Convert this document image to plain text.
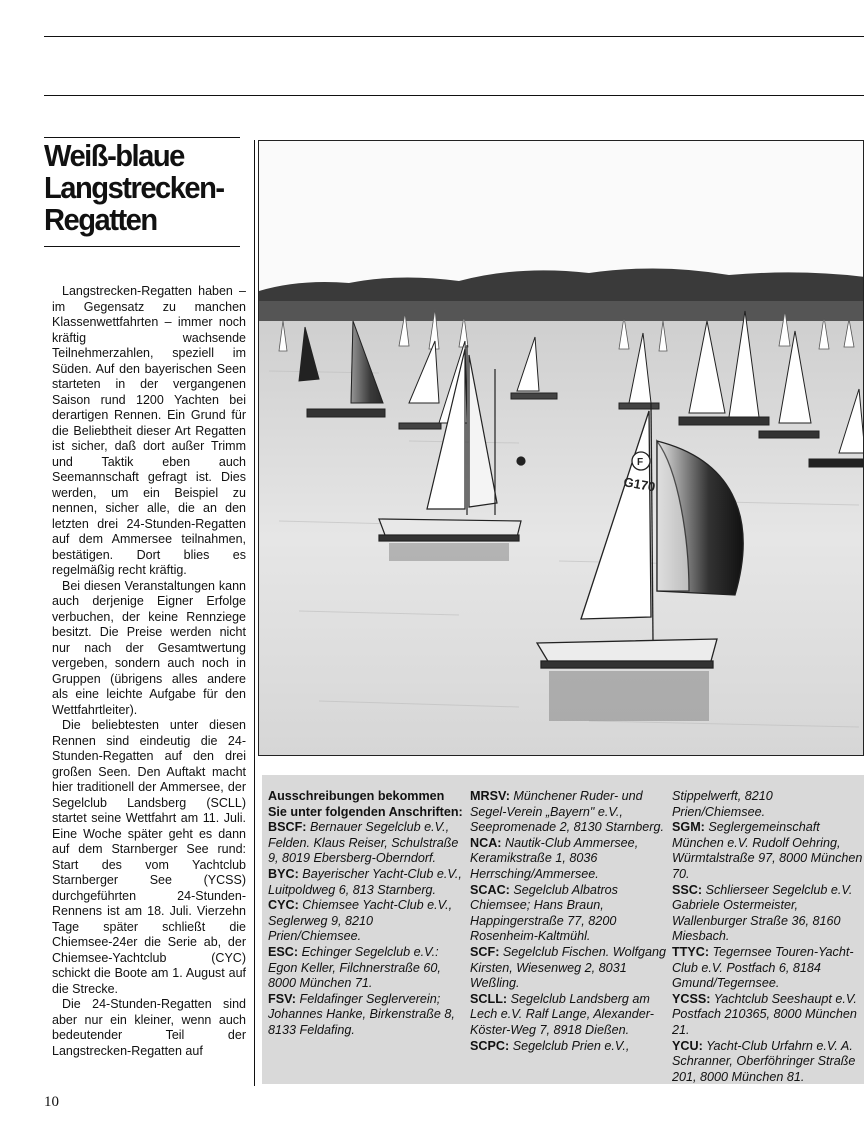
Weiß-blaue
Langstrecken-
Regatten

Langstrecken-Regatten haben – im Gegensatz zu manchen Klassenwettfahrten – immer noch kräftig wachsende Teilnehmerzahlen, speziell im Süden. Auf den bayerischen Seen starteten in der vergangenen Saison rund 1200 Yachten bei derartigen Rennen. Ein Grund für die Beliebtheit dieser Art Regatten ist sicher, daß dort außer Trimm und Taktik eben auch Seemannschaft gefragt ist. Dies werden, um ein Beispiel zu nennen, sicher alle, die an den letzten drei 24-Stunden-Regatten auf dem Ammersee teilnahmen, bestätigen. Dort blies es regelmäßig recht kräftig.

Bei diesen Veranstaltungen kann auch derjenige Eigner Erfolge verbuchen, der keine Rennziege besitzt. Die Preise werden nicht nur nach der Gesamtwertung vergeben, sondern auch noch in Gruppen (übrigens alles andere als eine leichte Aufgabe für den Wettfahrtleiter).

Die beliebtesten unter diesen Rennen sind eindeutig die 24-Stunden-Regatten auf den drei großen Seen. Den Auftakt macht hier traditionell der Ammersee, der Segelclub Landsberg (SCLL) startet seine Wettfahrt am 11. Juli. Eine Woche später geht es dann auf dem Starnberger See rund: Start des vom Yachtclub Starnberger See (YCSS) durchgeführten 24-Stunden-Rennens ist am 18. Juli. Vierzehn Tage später schließt die Chiemsee-24er die Serie ab, der Chiemsee-Yachtclub (CYC) schickt die Boote am 1. August auf die Strecke.

Die 24-Stunden-Regatten sind aber nur ein kleiner, wenn auch bedeutender Teil der Langstrecken-Regatten auf

F
G170
Ausschreibungen bekommen Sie unter folgenden Anschriften:
BSCF: Bernauer Segelclub e.V., Felden. Klaus Reiser, Schulstraße 9, 8019 Ebersberg-Oberndorf.
BYC: Bayerischer Yacht-Club e.V., Luitpoldweg 6, 813 Starnberg.
CYC: Chiemsee Yacht-Club e.V., Seglerweg 9, 8210 Prien/Chiemsee.
ESC: Echinger Segelclub e.V.: Egon Keller, Filchnerstraße 60, 8000 München 71.
FSV: Feldafinger Seglerverein; Johannes Hanke, Birkenstraße 8, 8133 Feldafing.
MRSV: Münchener Ruder- und Segel-Verein „Bayern" e.V., Seepromenade 2, 8130 Starnberg.
NCA: Nautik-Club Ammersee, Keramikstraße 1, 8036 Herrsching/Ammersee.
SCAC: Segelclub Albatros Chiemsee; Hans Braun, Happingerstraße 77, 8200 Rosenheim-Kaltmühl.
SCF: Segelclub Fischen. Wolfgang Kirsten, Wiesenweg 2, 8031 Weßling.
SCLL: Segelclub Landsberg am Lech e.V. Ralf Lange, Alexander-Köster-Weg 7, 8918 Dießen.
SCPC: Segelclub Prien e.V.,
Stippelwerft, 8210 Prien/Chiemsee.
SGM: Seglergemeinschaft München e.V. Rudolf Oehring, Würmtalstraße 97, 8000 München 70.
SSC: Schlierseer Segelclub e.V. Gabriele Ostermeister, Wallenburger Straße 36, 8160 Miesbach.
TTYC: Tegernsee Touren-Yacht-Club e.V. Postfach 6, 8184 Gmund/Tegernsee.
YCSS: Yachtclub Seeshaupt e.V. Postfach 210365, 8000 München 21.
YCU: Yacht-Club Urfahrn e.V. A. Schranner, Oberföhringer Straße 201, 8000 München 81.
10
